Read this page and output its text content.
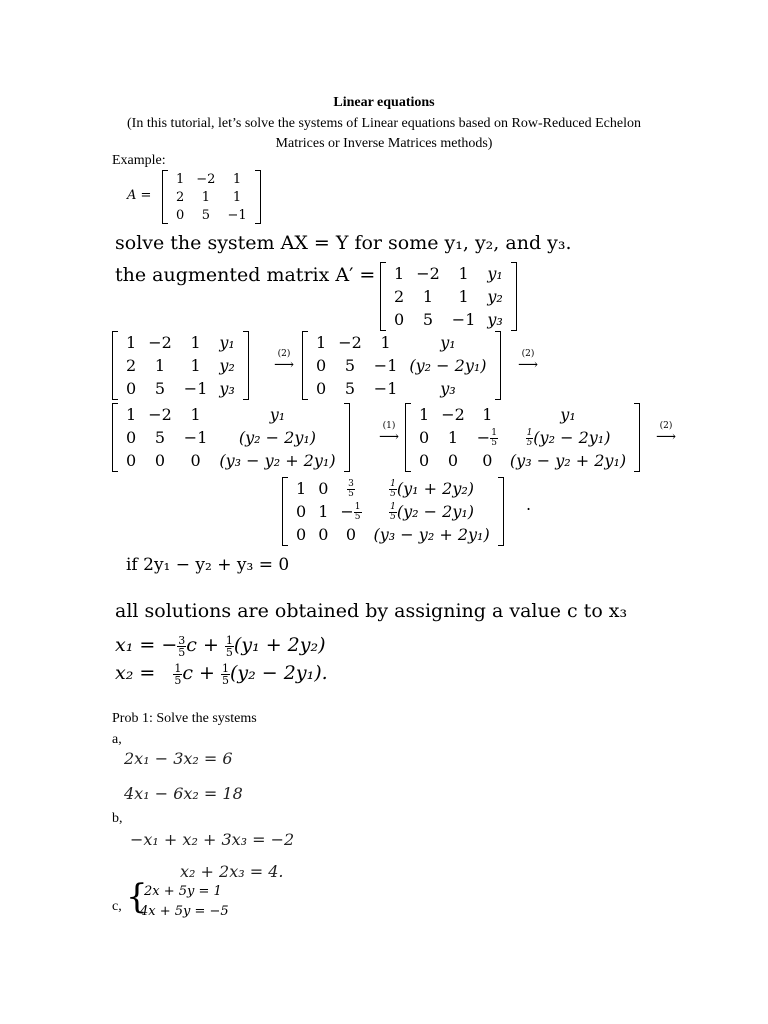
Linear equations
(In this tutorial, let’s solve the systems of Linear equations based on Row-Reduced Echelon Matrices or Inverse Matrices methods)
Example:
A =
1	−2	1
2	1	1
0	5	−1
solve the system AX = Y for some y₁, y₂, and y₃.
the augmented matrix A′ = 1	−2	1	y₁
2	1	1	y₂
0	5	−1	y₃
1	−2	1	y₁
2	1	1	y₂
0	5	−1	y₃
(2)
⟶
1	−2	1	y₁
0	5	−1	(y₂ − 2y₁)
0	5	−1	y₃
(2)
⟶
1	−2	1	y₁
0	5	−1	(y₂ − 2y₁)
0	0	0	(y₃ − y₂ + 2y₁)
(1)
⟶
1	−2	1	y₁
0	1	− $\frac{1}{5}$	$\frac{1}{5} (y_2 - 2y_1)$
0	0	0	(y₃ − y₂ + 2y₁)
(2)
⟶
1	0	$\frac{3}{5}$	$\frac{1}{5} (y_1 + 2y_2)$
0	1	− $\frac{1}{5}$	$\frac{1}{5} (y_2 - 2y_1)$
0	0	0	(y₃ − y₂ + 2y₁)
.
if 2y₁ − y₂ + y₃ = 0
all solutions are obtained by assigning a value c to x₃
x₁ = − $\frac{3}{5}$ $c + \frac{1}{5} (y_1 + 2y_2)$
$x_2 = \frac{1}{5}$ $c + \frac{1}{5} (y_2 - 2y_1)$.
Prob 1: Solve the systems
a,
2x₁ − 3x₂ = 6
4x₁ − 6x₂ = 18
b,
−x₁ + x₂ + 3x₃ = −2
x₂ + 2x₃ = 4.
c, {
2x + 5y = 1
4x + 5y = −5
